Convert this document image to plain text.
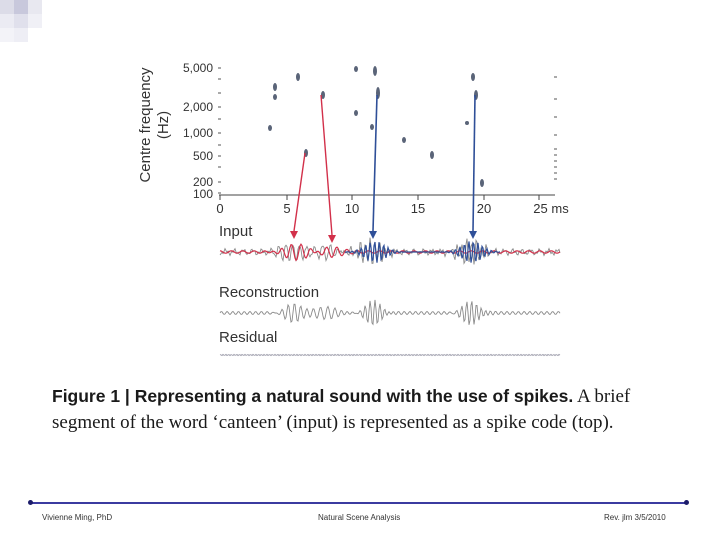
Centre frequency (Hz)
5,000
2,000
1,000
500
200
100
0	5	10	15	20	25 ms
Input
Reconstruction
Residual
Figure 1 | Representing a natural sound with the use of spikes. A brief segment of the word ‘canteen’ (input) is represented as a spike code (top).
Vivienne Ming, PhD	Natural Scene Analysis	Rev. jlm 3/5/2010
